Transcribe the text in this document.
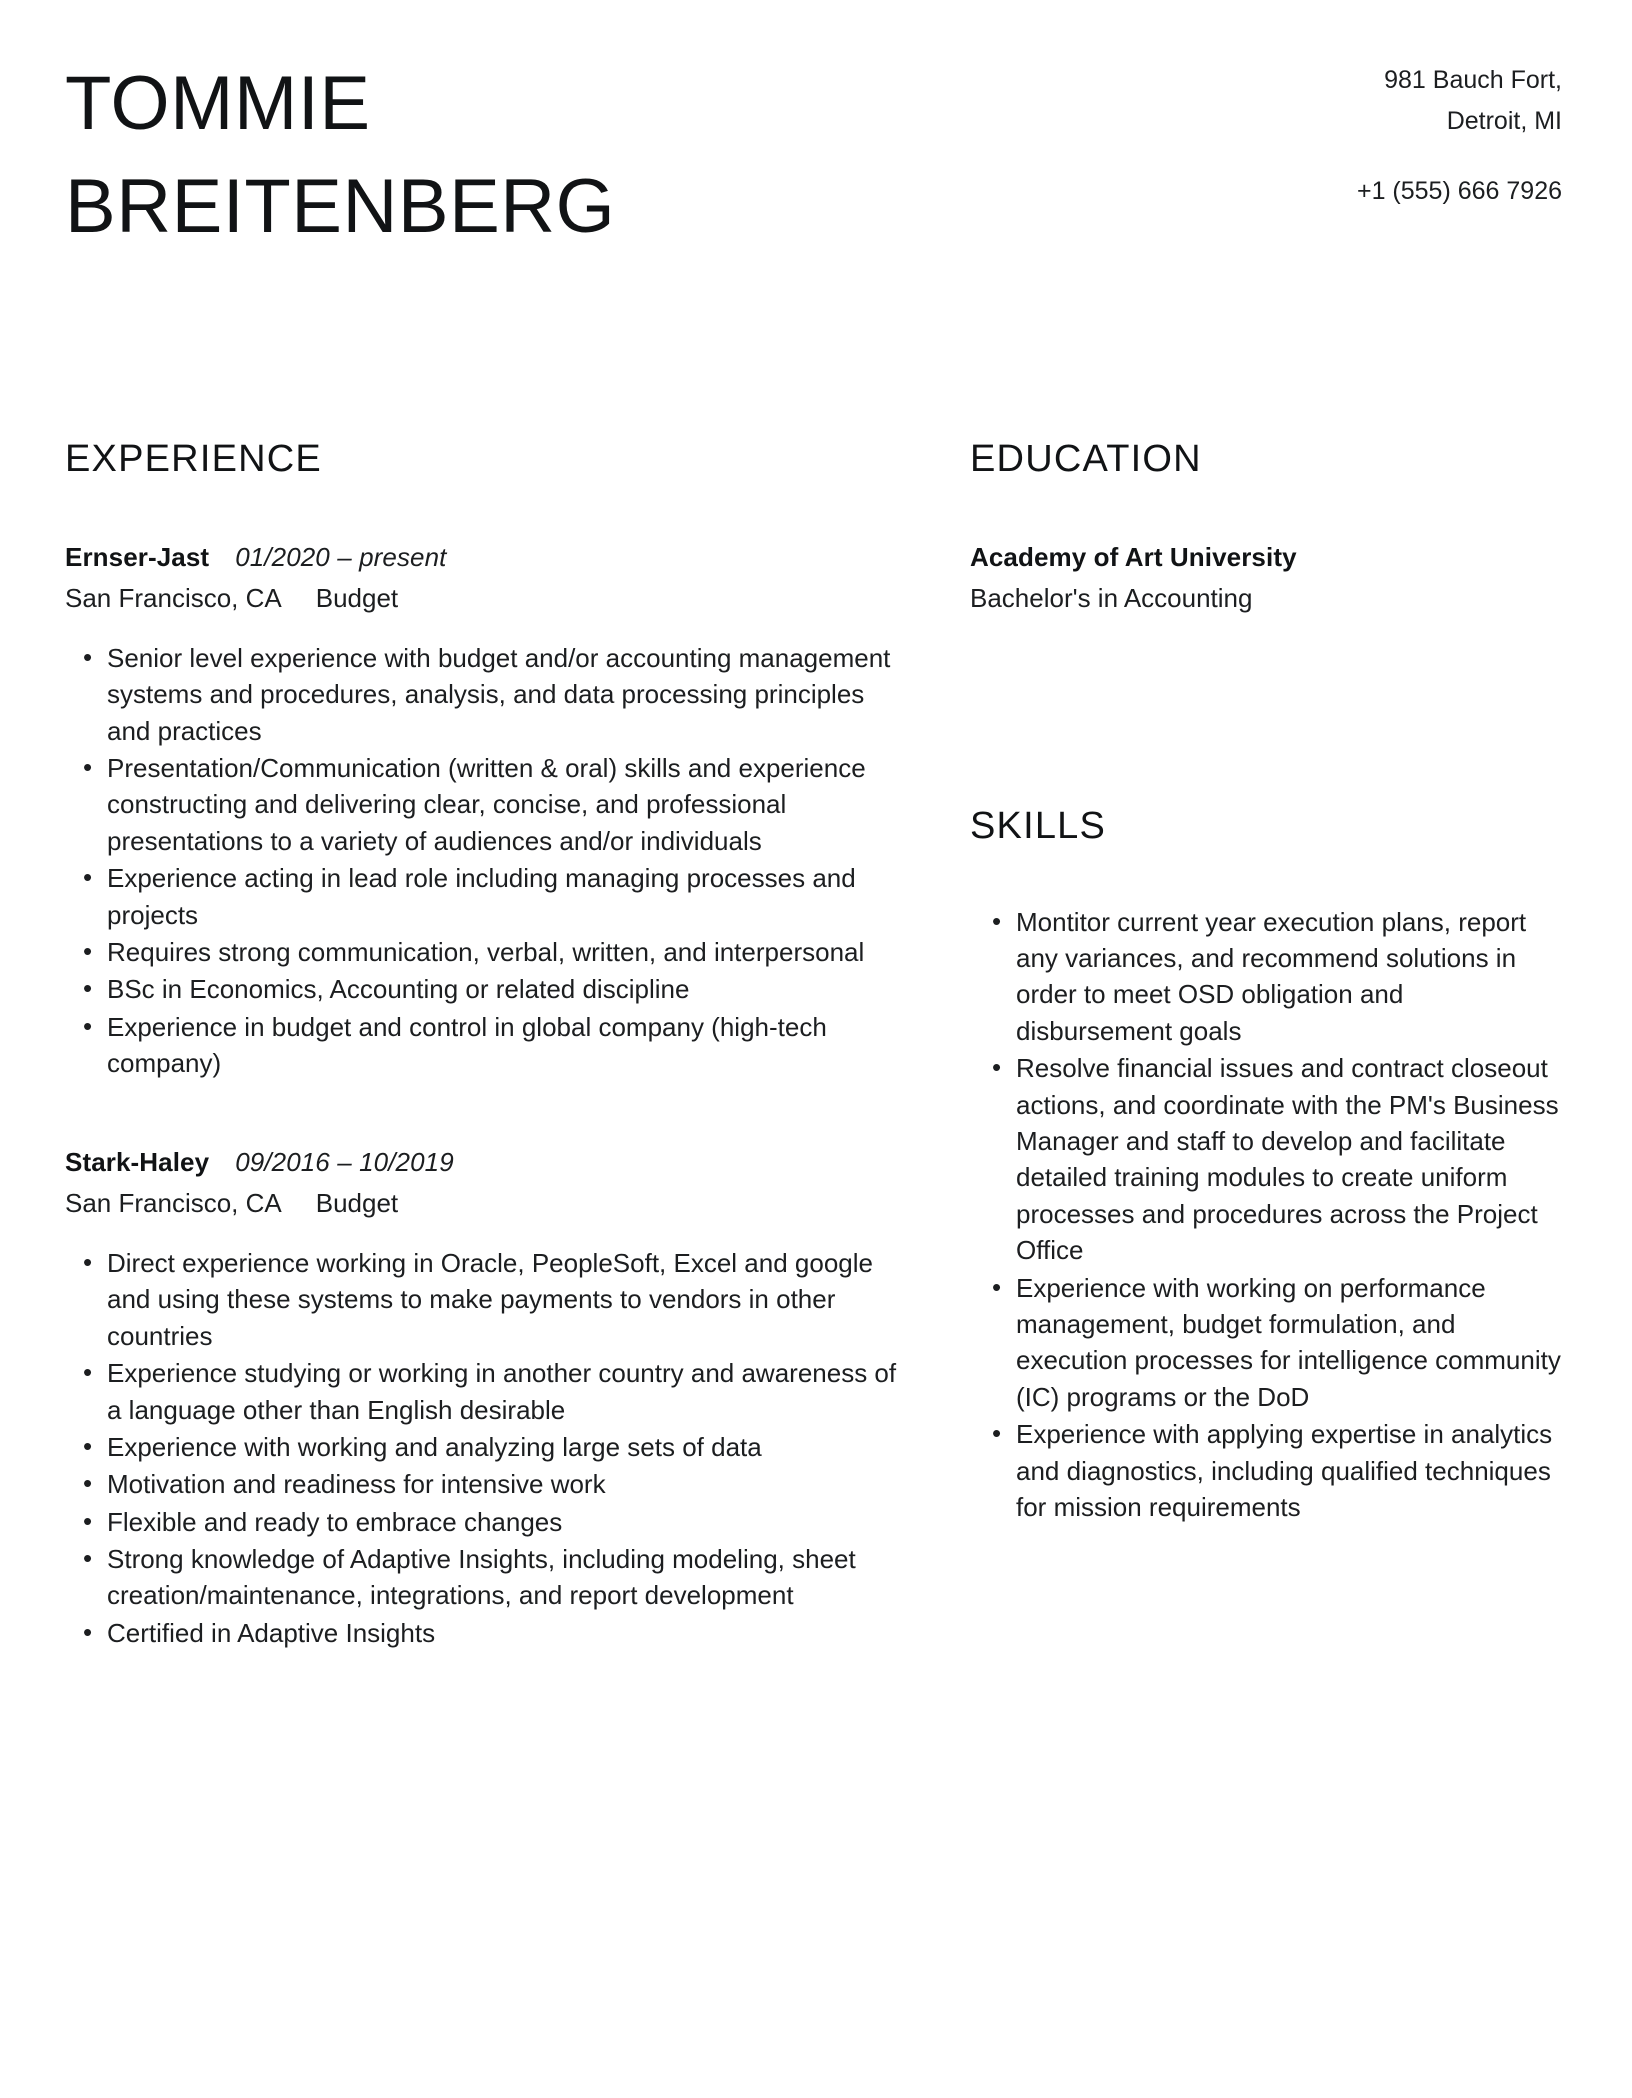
TOMMIE
BREITENBERG
981 Bauch Fort,
Detroit, MI
+1 (555) 666 7926
EXPERIENCE
Ernser-Jast 01/2020 – present
San Francisco, CA Budget
• Senior level experience with budget and/or accounting management systems and procedures, analysis, and data processing principles and practices
• Presentation/Communication (written & oral) skills and experience constructing and delivering clear, concise, and professional presentations to a variety of audiences and/or individuals
• Experience acting in lead role including managing processes and projects
• Requires strong communication, verbal, written, and interpersonal
• BSc in Economics, Accounting or related discipline
• Experience in budget and control in global company (high-tech company)
Stark-Haley 09/2016 – 10/2019
San Francisco, CA Budget
• Direct experience working in Oracle, PeopleSoft, Excel and google and using these systems to make payments to vendors in other countries
• Experience studying or working in another country and awareness of a language other than English desirable
• Experience with working and analyzing large sets of data
• Motivation and readiness for intensive work
• Flexible and ready to embrace changes
• Strong knowledge of Adaptive Insights, including modeling, sheet creation/maintenance, integrations, and report development
• Certified in Adaptive Insights
EDUCATION
Academy of Art University
Bachelor's in Accounting
SKILLS
• Montitor current year execution plans, report any variances, and recommend solutions in order to meet OSD obligation and disbursement goals
• Resolve financial issues and contract closeout actions, and coordinate with the PM's Business Manager and staff to develop and facilitate detailed training modules to create uniform processes and procedures across the Project Office
• Experience with working on performance management, budget formulation, and execution processes for intelligence community (IC) programs or the DoD
• Experience with applying expertise in analytics and diagnostics, including qualified techniques for mission requirements
